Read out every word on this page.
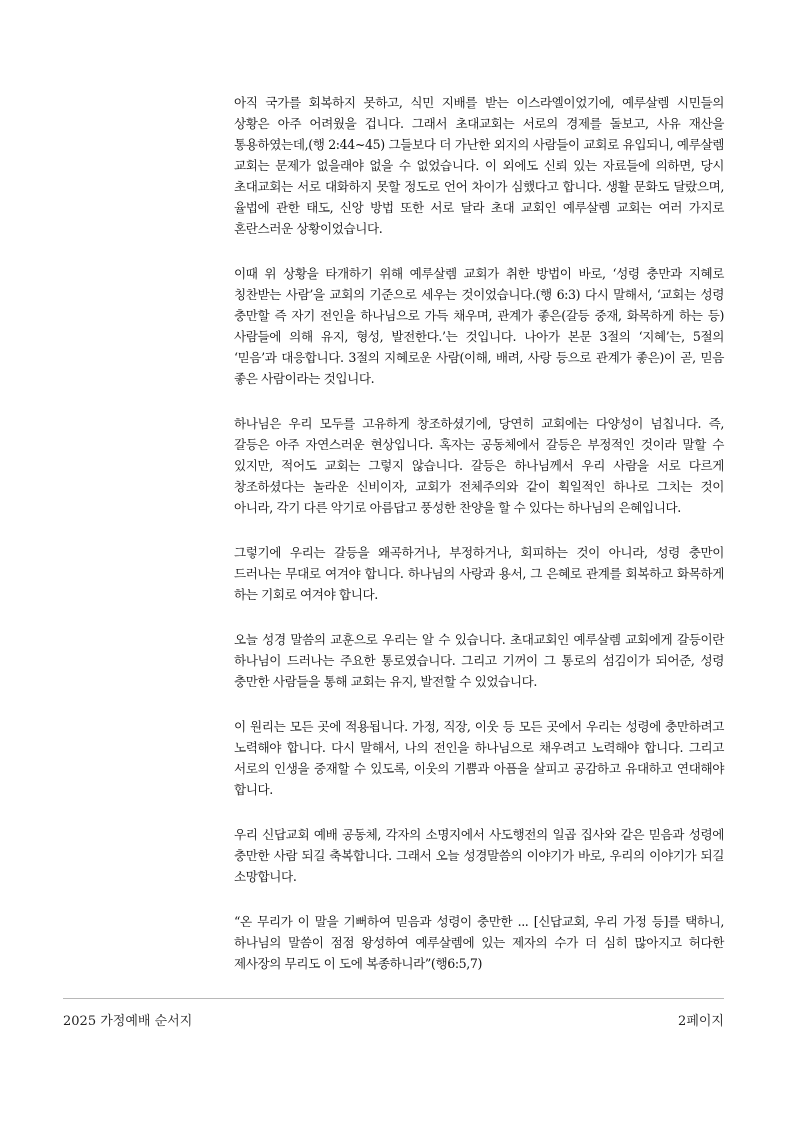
아직 국가를 회복하지 못하고, 식민 지배를 받는 이스라엘이었기에, 예루살렘 시민들의 상황은 아주 어려웠을 겁니다. 그래서 초대교회는 서로의 경제를 돌보고, 사유 재산을 통용하였는데,(행 2:44~45) 그들보다 더 가난한 외지의 사람들이 교회로 유입되니, 예루살렘 교회는 문제가 없을래야 없을 수 없었습니다. 이 외에도 신뢰 있는 자료들에 의하면, 당시 초대교회는 서로 대화하지 못할 정도로 언어 차이가 심했다고 합니다. 생활 문화도 달랐으며, 율법에 관한 태도, 신앙 방법 또한 서로 달라 초대 교회인 예루살렘 교회는 여러 가지로 혼란스러운 상황이었습니다.

이때 위 상황을 타개하기 위해 예루살렘 교회가 취한 방법이 바로, ‘성령 충만과 지혜로 칭찬받는 사람’을 교회의 기준으로 세우는 것이었습니다.(행 6:3) 다시 말해서, ‘교회는 성령 충만할 즉 자기 전인을 하나님으로 가득 채우며, 관계가 좋은(갈등 중재, 화목하게 하는 등) 사람들에 의해 유지, 형성, 발전한다.’는 것입니다. 나아가 본문 3절의 ‘지혜’는, 5절의 ‘믿음’과 대응합니다. 3절의 지혜로운 사람(이해, 배려, 사랑 등으로 관계가 좋은)이 곧, 믿음 좋은 사람이라는 것입니다.

하나님은 우리 모두를 고유하게 창조하셨기에, 당연히 교회에는 다양성이 넘칩니다. 즉, 갈등은 아주 자연스러운 현상입니다. 혹자는 공동체에서 갈등은 부정적인 것이라 말할 수 있지만, 적어도 교회는 그렇지 않습니다. 갈등은 하나님께서 우리 사람을 서로 다르게 창조하셨다는 놀라운 신비이자, 교회가 전체주의와 같이 획일적인 하나로 그치는 것이 아니라, 각기 다른 악기로 아름답고 풍성한 찬양을 할 수 있다는 하나님의 은혜입니다.

그렇기에 우리는 갈등을 왜곡하거나, 부정하거나, 회피하는 것이 아니라, 성령 충만이 드러나는 무대로 여겨야 합니다. 하나님의 사랑과 용서, 그 은혜로 관계를 회복하고 화목하게 하는 기회로 여겨야 합니다.

오늘 성경 말씀의 교훈으로 우리는 알 수 있습니다. 초대교회인 예루살렘 교회에게 갈등이란 하나님이 드러나는 주요한 통로였습니다. 그리고 기꺼이 그 통로의 섬김이가 되어준, 성령 충만한 사람들을 통해 교회는 유지, 발전할 수 있었습니다.

이 원리는 모든 곳에 적용됩니다. 가정, 직장, 이웃 등 모든 곳에서 우리는 성령에 충만하려고 노력해야 합니다. 다시 말해서, 나의 전인을 하나님으로 채우려고 노력해야 합니다. 그리고 서로의 인생을 중재할 수 있도록, 이웃의 기쁨과 아픔을 살피고 공감하고 유대하고 연대해야 합니다.

우리 신답교회 예배 공동체, 각자의 소명지에서 사도행전의 일곱 집사와 같은 믿음과 성령에 충만한 사람 되길 축복합니다. 그래서 오늘 성경말씀의 이야기가 바로, 우리의 이야기가 되길 소망합니다.

“온 무리가 이 말을 기뻐하여 믿음과 성령이 충만한 ... [신답교회, 우리 가정 등]를 택하니, 하나님의 말씀이 점점 왕성하여 예루살렘에 있는 제자의 수가 더 심히 많아지고 허다한 제사장의 무리도 이 도에 복종하니라”(행6:5,7)

2025 가정예배 순서지	2페이지
